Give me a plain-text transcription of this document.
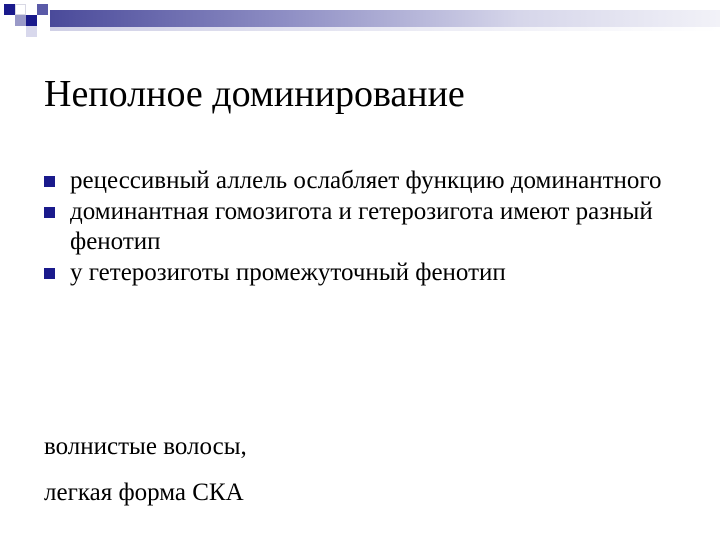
Неполное доминирование
рецессивный аллель ослабляет функцию доминантного
доминантная гомозигота и гетерозигота имеют разный фенотип
у гетерозиготы промежуточный фенотип
волнистые волосы,
легкая форма СКА
